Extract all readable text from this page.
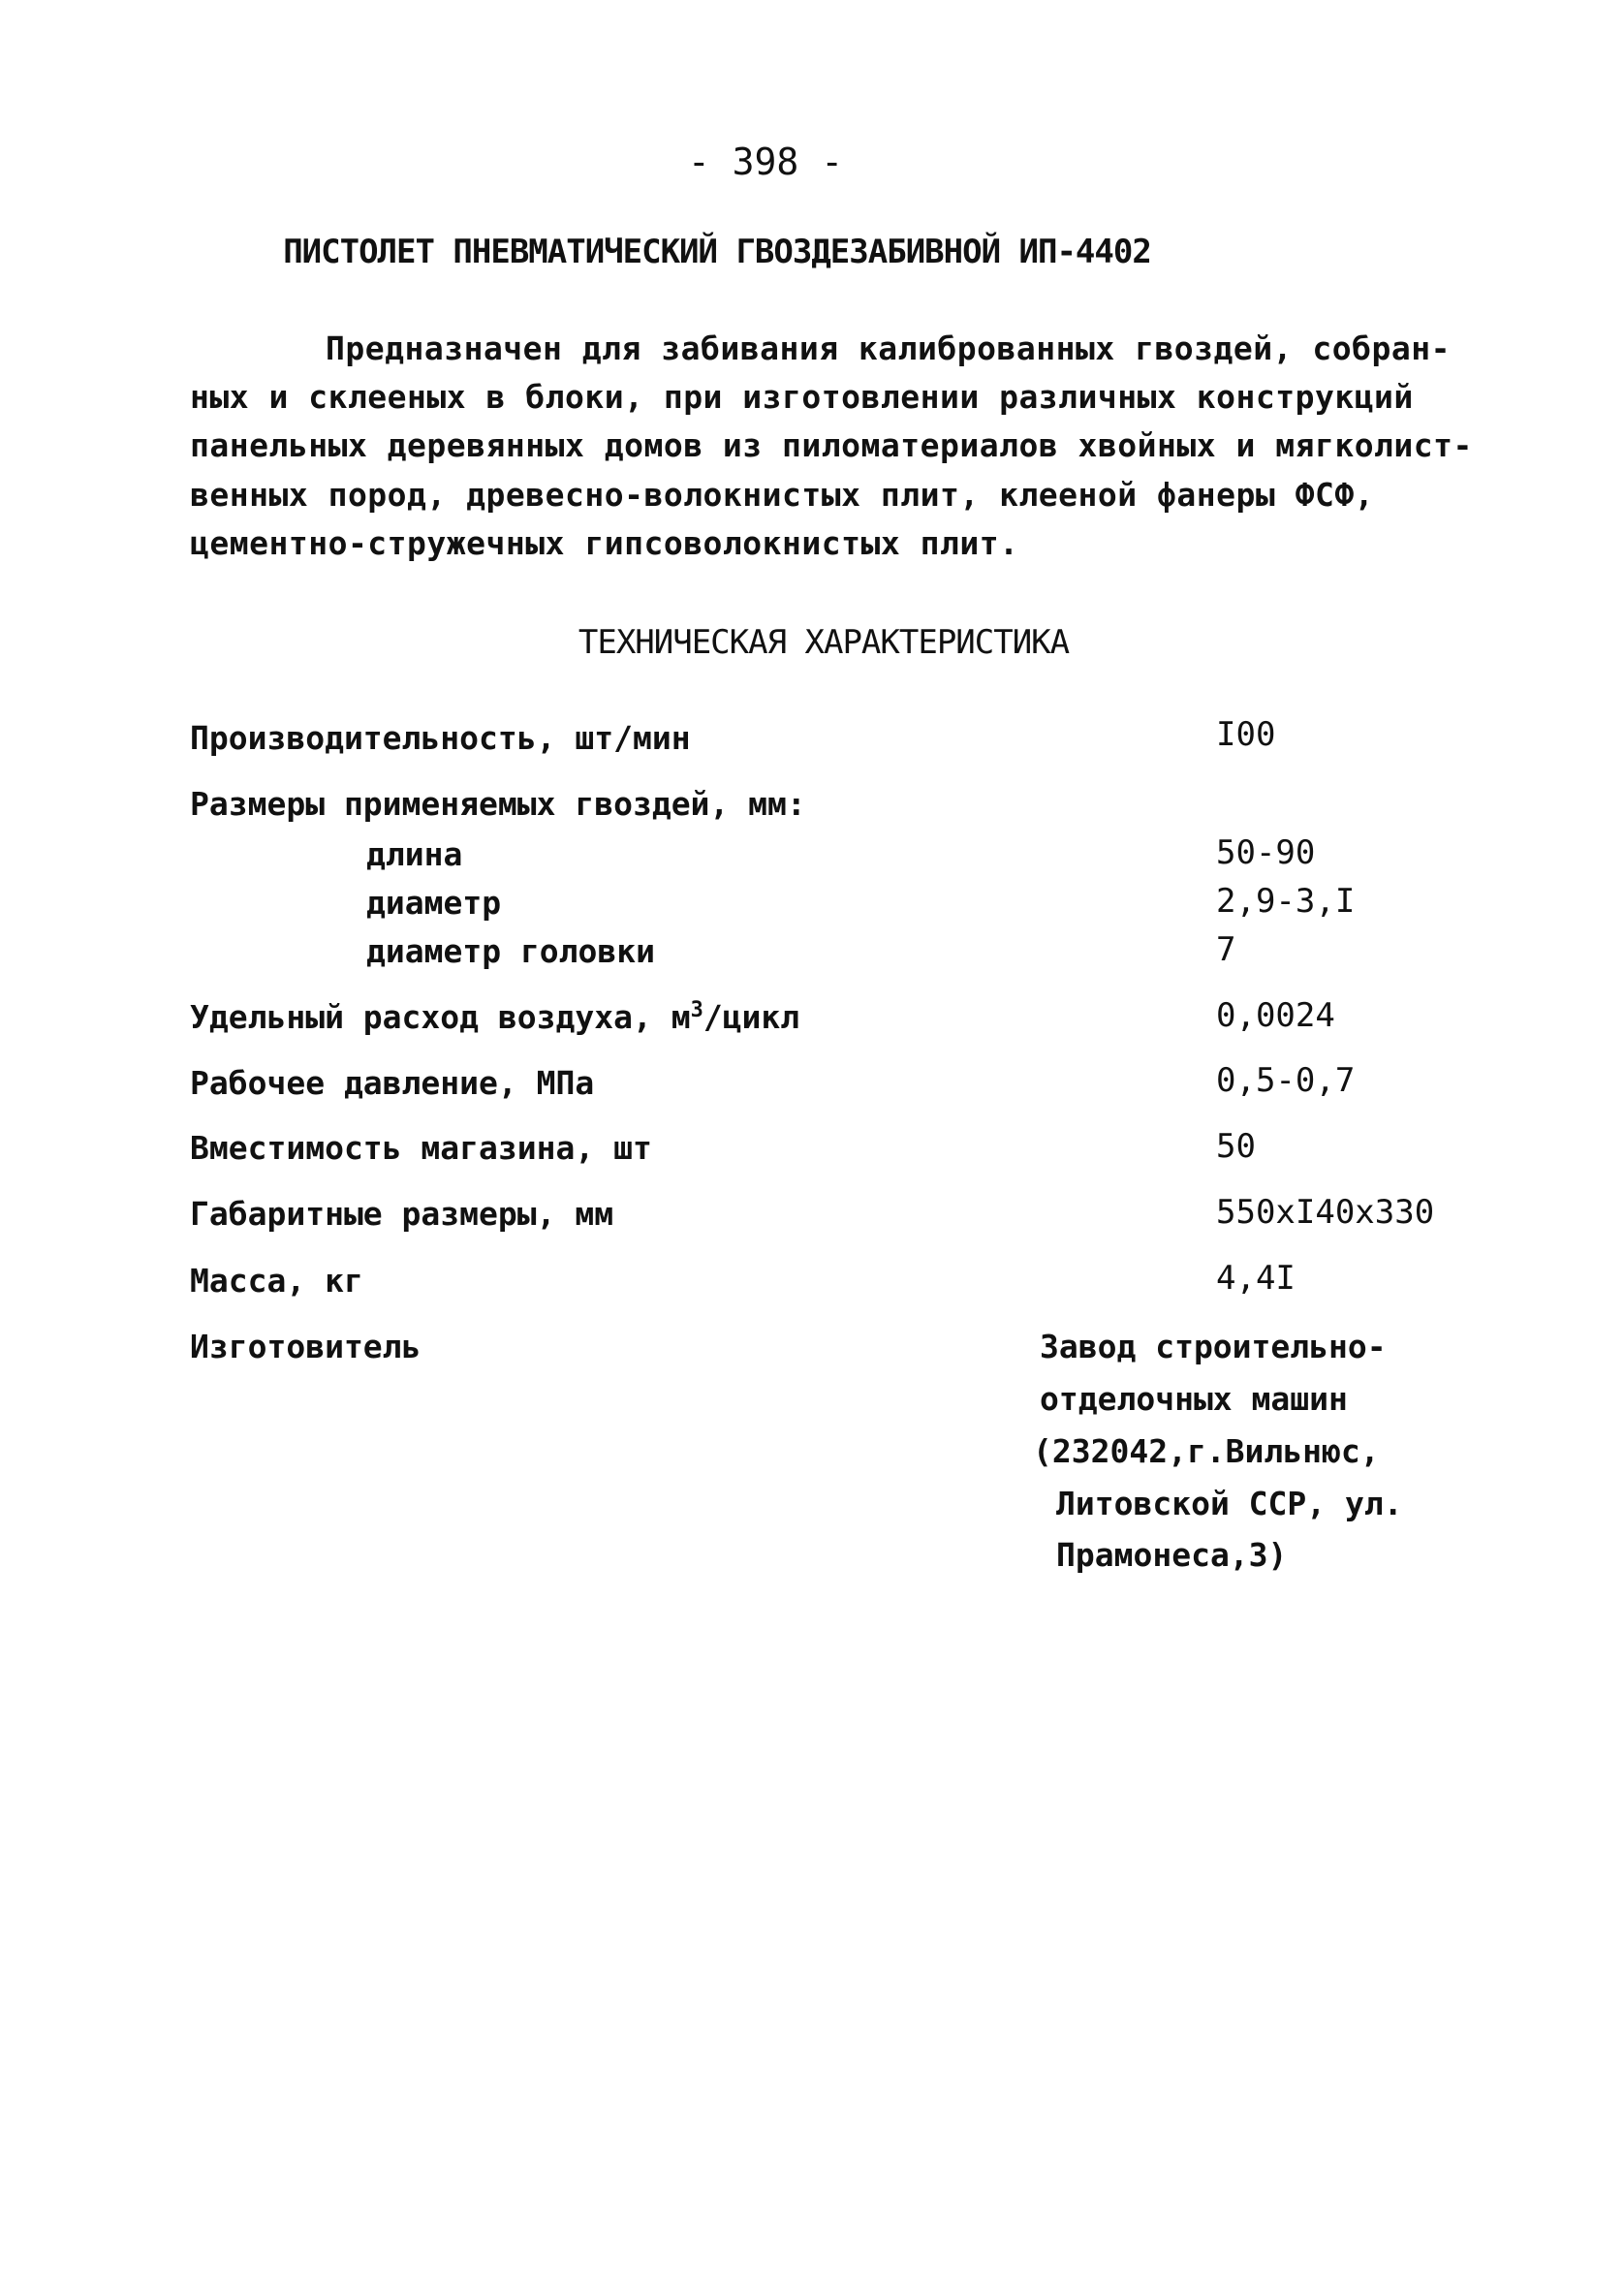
- 398 -
ПИСТОЛЕТ ПНЕВМАТИЧЕСКИЙ ГВОЗДЕЗАБИВНОЙ ИП-4402
Предназначен для забивания калиброванных гвоздей, собран-
ных и склееных в блоки, при изготовлении различных конструкций
панельных деревянных домов из пиломатериалов хвойных и мягколист-
венных пород, древесно-волокнистых плит, клееной фанеры ФСФ,
цементно-стружечных гипсоволокнистых плит.
ТЕХНИЧЕСКАЯ ХАРАКТЕРИСТИКА
Производительность, шт/мин	I00
Размеры применяемых гвоздей, мм:
длина	50-90
диаметр	2,9-3,I
диаметр головки	7
Удельный расход воздуха, $м^3$/цикл	0,0024
Рабочее давление, МПа	0,5-0,7
Вместимость магазина, шт	50
Габаритные размеры, мм	550хI40х330
Масса, кг	4,4I
Изготовитель	Завод строительно-
отделочных машин
(232042,г.Вильнюс,
Литовской ССР, ул.
Прамонеса,3)
